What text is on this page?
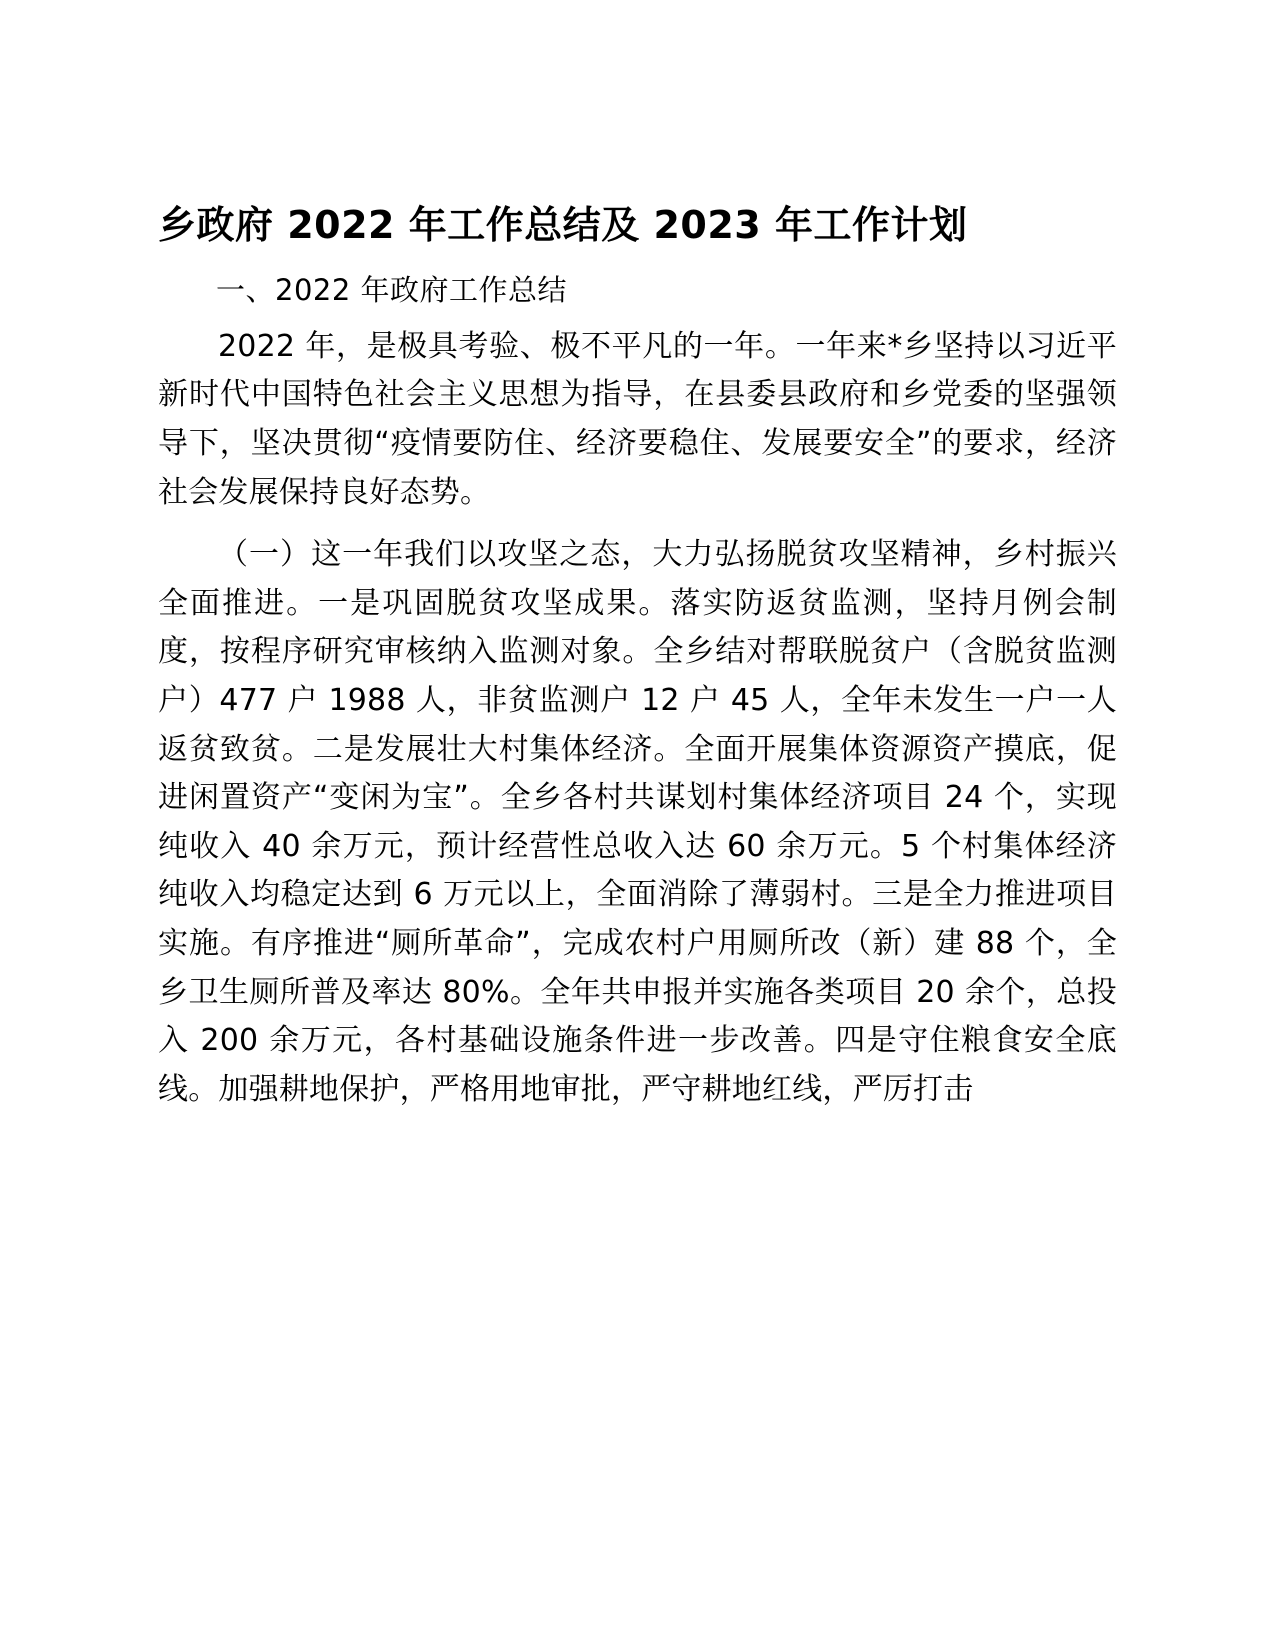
乡政府 2022 年工作总结及 2023 年工作计划

一、2022 年政府工作总结

2022 年，是极具考验、极不平凡的一年。一年来*乡坚持以习近平新时代中国特色社会主义思想为指导，在县委县政府和乡党委的坚强领导下，坚决贯彻“疫情要防住、经济要稳住、发展要安全”的要求，经济社会发展保持良好态势。

（一）这一年我们以攻坚之态，大力弘扬脱贫攻坚精神，乡村振兴全面推进。一是巩固脱贫攻坚成果。落实防返贫监测，坚持月例会制度，按程序研究审核纳入监测对象。全乡结对帮联脱贫户（含脱贫监测户）477 户 1988 人，非贫监测户 12 户 45 人，全年未发生一户一人返贫致贫。二是发展壮大村集体经济。全面开展集体资源资产摸底，促进闲置资产“变闲为宝”。全乡各村共谋划村集体经济项目 24 个，实现纯收入 40 余万元，预计经营性总收入达 60 余万元。5 个村集体经济纯收入均稳定达到 6 万元以上，全面消除了薄弱村。三是全力推进项目实施。有序推进“厕所革命”，完成农村户用厕所改（新）建 88 个，全乡卫生厕所普及率达 80%。全年共申报并实施各类项目 20 余个，总投入 200 余万元，各村基础设施条件进一步改善。四是守住粮食安全底线。加强耕地保护，严格用地审批，严守耕地红线，严厉打击
